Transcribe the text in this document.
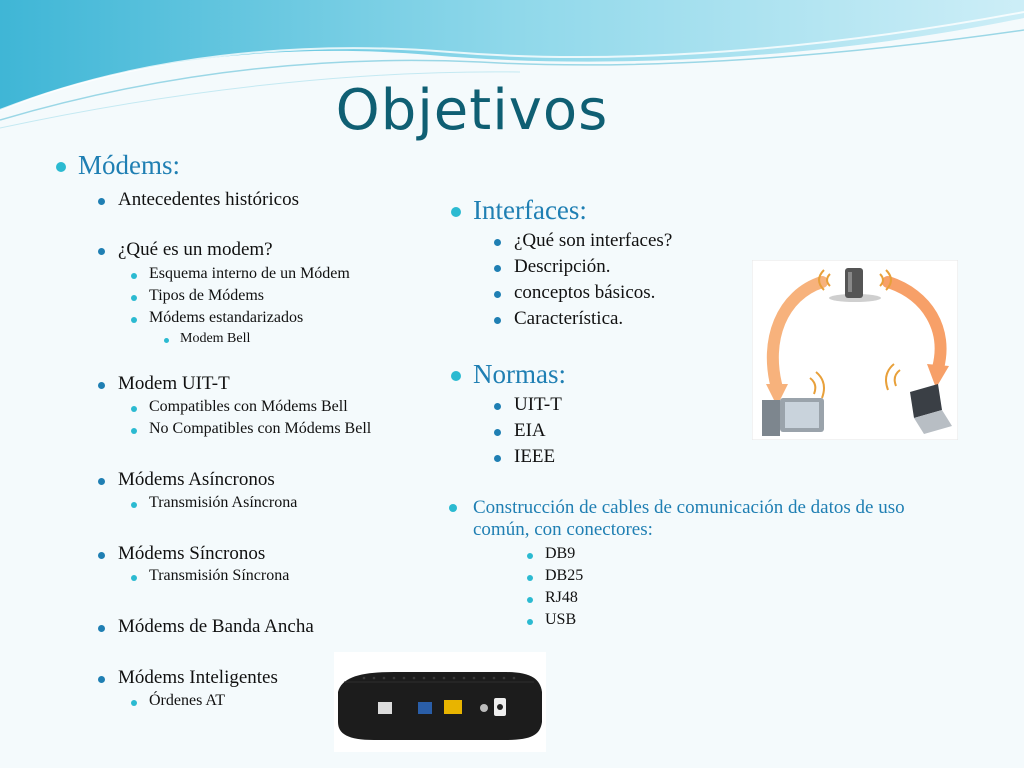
Objetivos
Módems:
Antecedentes históricos
¿Qué es un modem?
Esquema interno de un Módem
Tipos de Módems
Módems estandarizados
Modem Bell
Modem UIT-T
Compatibles con Módems Bell
No Compatibles con Módems Bell
Módems Asíncronos
Transmisión Asíncrona
Módems Síncronos
Transmisión Síncrona
Módems de Banda Ancha
Módems Inteligentes
Órdenes AT
Interfaces:
¿Qué son interfaces?
Descripción.
conceptos básicos.
Característica.
Normas:
UIT-T
EIA
IEEE
Construcción de cables de comunicación de datos de uso común, con conectores:
DB9
DB25
RJ48
USB
